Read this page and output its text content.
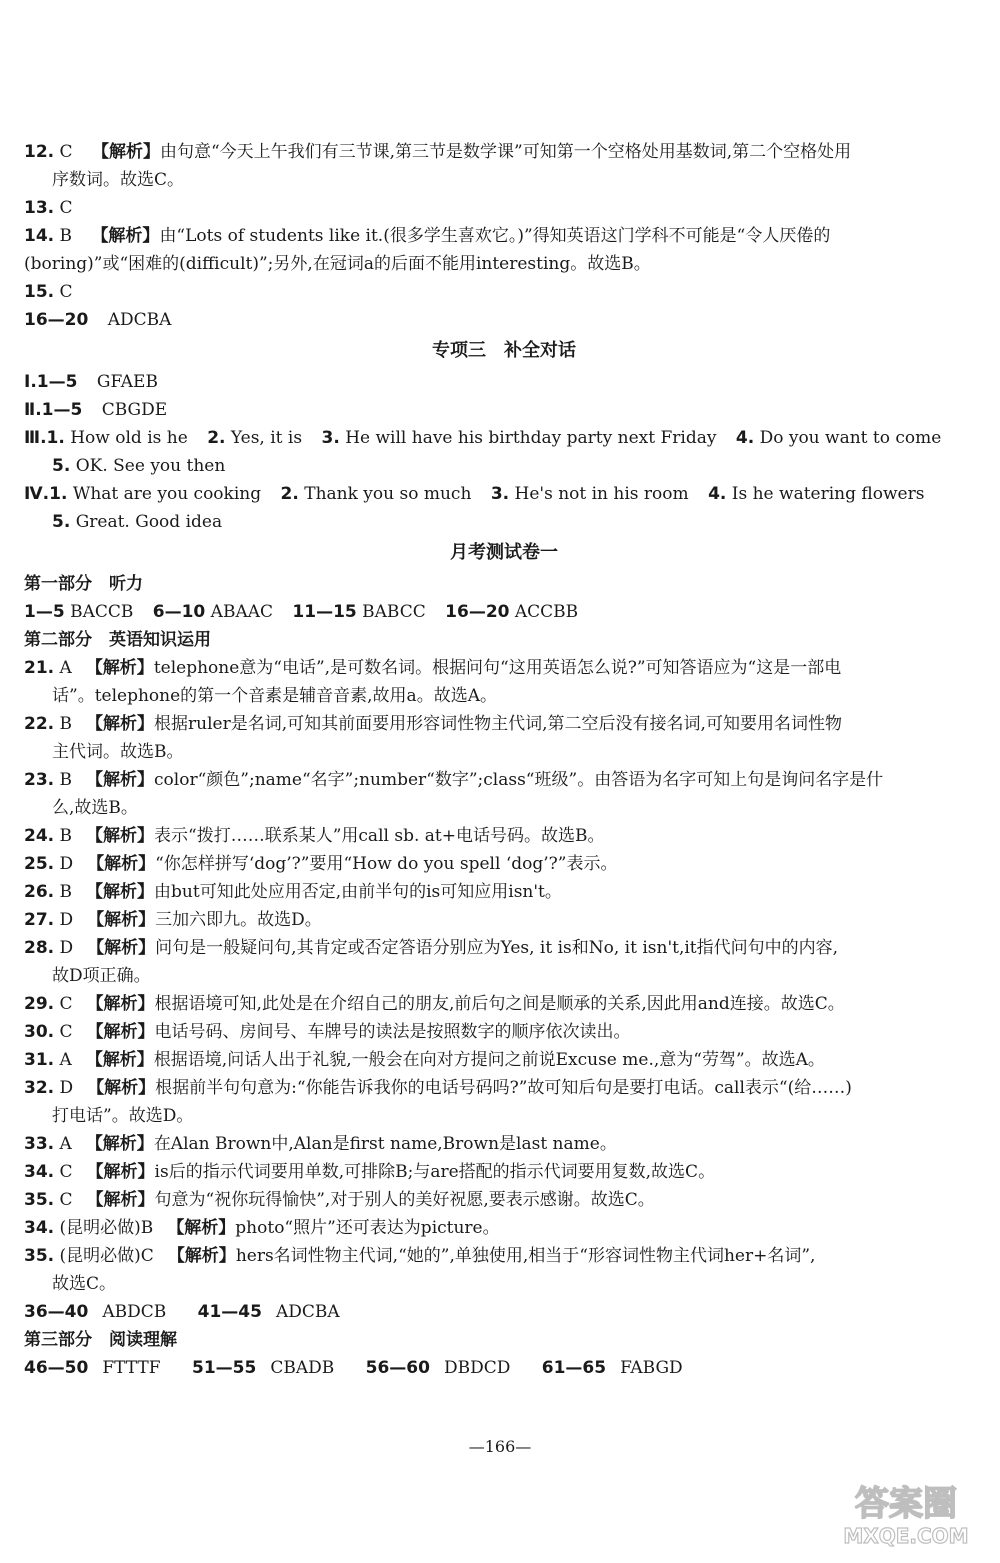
12. C 【解析】由句意“今天上午我们有三节课,第三节是数学课”可知第一个空格处用基数词,第二个空格处用
序数词。故选C。
13. C
14. B 【解析】由“Lots of students like it.(很多学生喜欢它。)”得知英语这门学科不可能是“令人厌倦的
(boring)”或“困难的(difficult)”;另外,在冠词a的后面不能用interesting。故选B。
15. C
16—20 ADCBA
专项三　补全对话
Ⅰ.1—5 GFAEB
Ⅱ.1—5 CBGDE
Ⅲ.1. How old is he 2. Yes, it is 3. He will have his birthday party next Friday 4. Do you want to come
5. OK. See you then
Ⅳ.1. What are you cooking 2. Thank you so much 3. He's not in his room 4. Is he watering flowers
5. Great. Good idea
月考测试卷一
第一部分　听力
1—5 BACCB 6—10 ABAAC 11—15 BABCC 16—20 ACCBB
第二部分　英语知识运用
21. A 【解析】telephone意为“电话”,是可数名词。根据问句“这用英语怎么说?”可知答语应为“这是一部电
话”。telephone的第一个音素是辅音音素,故用a。故选A。
22. B 【解析】根据ruler是名词,可知其前面要用形容词性物主代词,第二空后没有接名词,可知要用名词性物
主代词。故选B。
23. B 【解析】color“颜色”;name“名字”;number“数字”;class“班级”。由答语为名字可知上句是询问名字是什
么,故选B。
24. B 【解析】表示“拨打……联系某人”用call sb. at+电话号码。故选B。
25. D 【解析】“你怎样拼写‘dog’?”要用“How do you spell ‘dog’?”表示。
26. B 【解析】由but可知此处应用否定,由前半句的is可知应用isn't。
27. D 【解析】三加六即九。故选D。
28. D 【解析】问句是一般疑问句,其肯定或否定答语分别应为Yes, it is和No, it isn't,it指代问句中的内容,
故D项正确。
29. C 【解析】根据语境可知,此处是在介绍自己的朋友,前后句之间是顺承的关系,因此用and连接。故选C。
30. C 【解析】电话号码、房间号、车牌号的读法是按照数字的顺序依次读出。
31. A 【解析】根据语境,问话人出于礼貌,一般会在向对方提问之前说Excuse me.,意为“劳驾”。故选A。
32. D 【解析】根据前半句句意为:“你能告诉我你的电话号码吗?”故可知后句是要打电话。call表示“(给……)
打电话”。故选D。
33. A 【解析】在Alan Brown中,Alan是first name,Brown是last name。
34. C 【解析】is后的指示代词要用单数,可排除B;与are搭配的指示代词要用复数,故选C。
35. C 【解析】句意为“祝你玩得愉快”,对于别人的美好祝愿,要表示感谢。故选C。
34. (昆明必做)B 【解析】photo“照片”还可表达为picture。
35. (昆明必做)C 【解析】hers名词性物主代词,“她的”,单独使用,相当于“形容词性物主代词her+名词”,
故选C。
36—40 ABDCB 41—45 ADCBA
第三部分　阅读理解
46—50 FTTTF 51—55 CBADB 56—60 DBDCD 61—65 FABGD
—166—
答案圈
MXQE.COM
